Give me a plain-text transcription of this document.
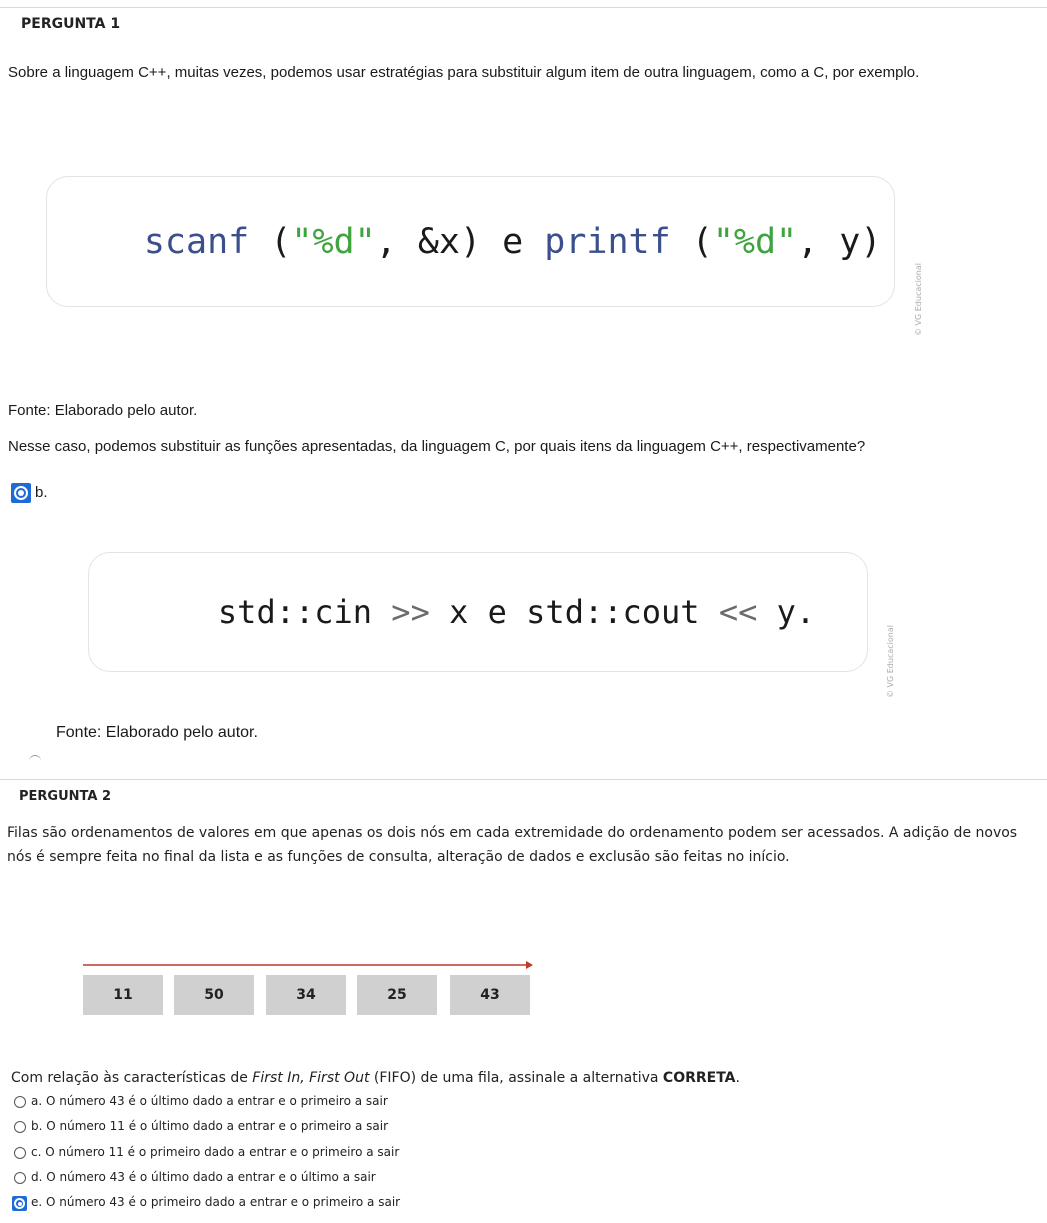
PERGUNTA 1
Sobre a linguagem C++, muitas vezes, podemos usar estratégias para substituir algum item de outra linguagem, como a C, por exemplo.

scanf ("%d", &x) e printf ("%d", y)

© VG Educacional
Fonte: Elaborado pelo autor.
Nesse caso, podemos substituir as funções apresentadas, da linguagem C, por quais itens da linguagem C++, respectivamente?
b.

std::cin >> x e std::cout << y.

© VG Educacional
Fonte: Elaborado pelo autor.
PERGUNTA 2
Filas são ordenamentos de valores em que apenas os dois nós em cada extremidade do ordenamento podem ser acessados. A adição de novos nós é sempre feita no final da lista e as funções de consulta, alteração de dados e exclusão são feitas no início.
11	50	34	25	43
Com relação às características de First In, First Out (FIFO) de uma fila, assinale a alternativa CORRETA.
a. O número 43 é o último dado a entrar e o primeiro a sair
b. O número 11 é o último dado a entrar e o primeiro a sair
c. O número 11 é o primeiro dado a entrar e o primeiro a sair
d. O número 43 é o último dado a entrar e o último a sair
e. O número 43 é o primeiro dado a entrar e o primeiro a sair
